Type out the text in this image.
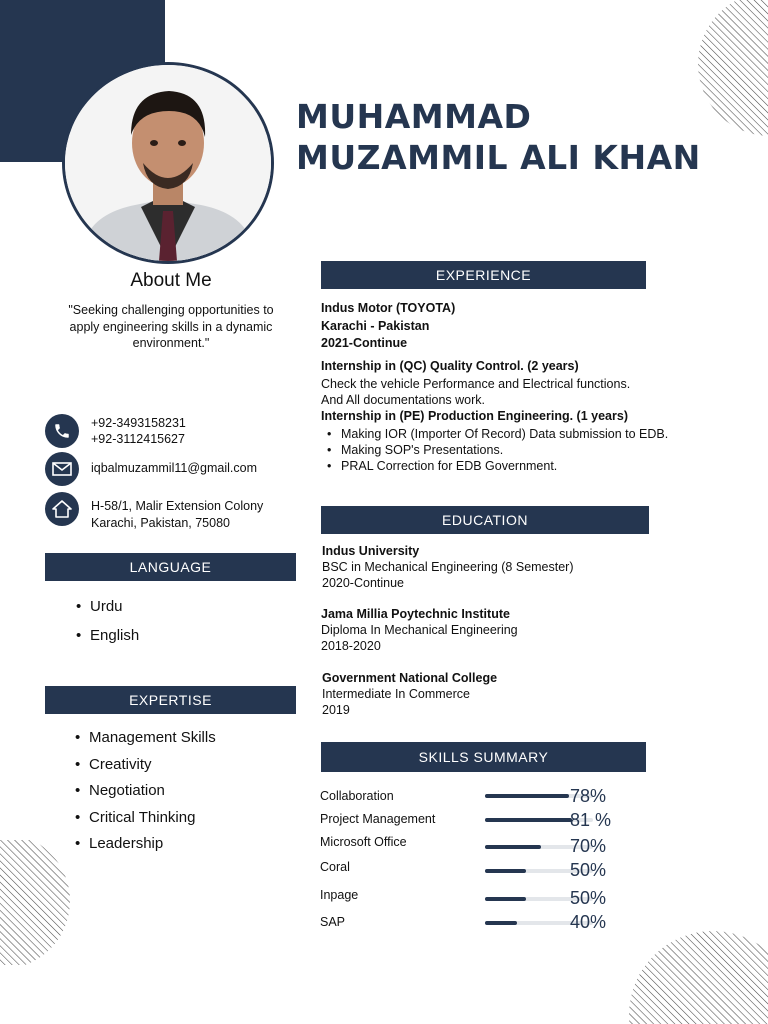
MUHAMMAD
MUZAMMIL ALI KHAN
About Me
"Seeking challenging opportunities to apply engineering skills in a dynamic environment."
+92-3493158231
+92-3112415627
iqbalmuzammil11@gmail.com
H-58/1, Malir Extension Colony
Karachi, Pakistan, 75080
LANGUAGE
• Urdu
• English
EXPERTISE
• Management Skills
• Creativity
• Negotiation
• Critical Thinking
• Leadership
EXPERIENCE
Indus Motor (TOYOTA)
Karachi - Pakistan
2021-Continue
Internship in (QC) Quality Control. (2 years)
Check the vehicle Performance and Electrical functions.
And All documentations work.
Internship in (PE) Production Engineering. (1 years)
• Making IOR (Importer Of Record) Data submission to EDB.
• Making SOP's Presentations.
• PRAL Correction for EDB Government.
EDUCATION
Indus University
BSC in Mechanical Engineering (8 Semester)
2020-Continue
Jama Millia Poytechnic Institute
Diploma In Mechanical Engineering
2018-2020
Government National College
Intermediate In Commerce
2019
SKILLS SUMMARY
Collaboration	78%
Project Management	81 %
Microsoft Office	70%
Coral	50%
Inpage	50%
SAP	40%
